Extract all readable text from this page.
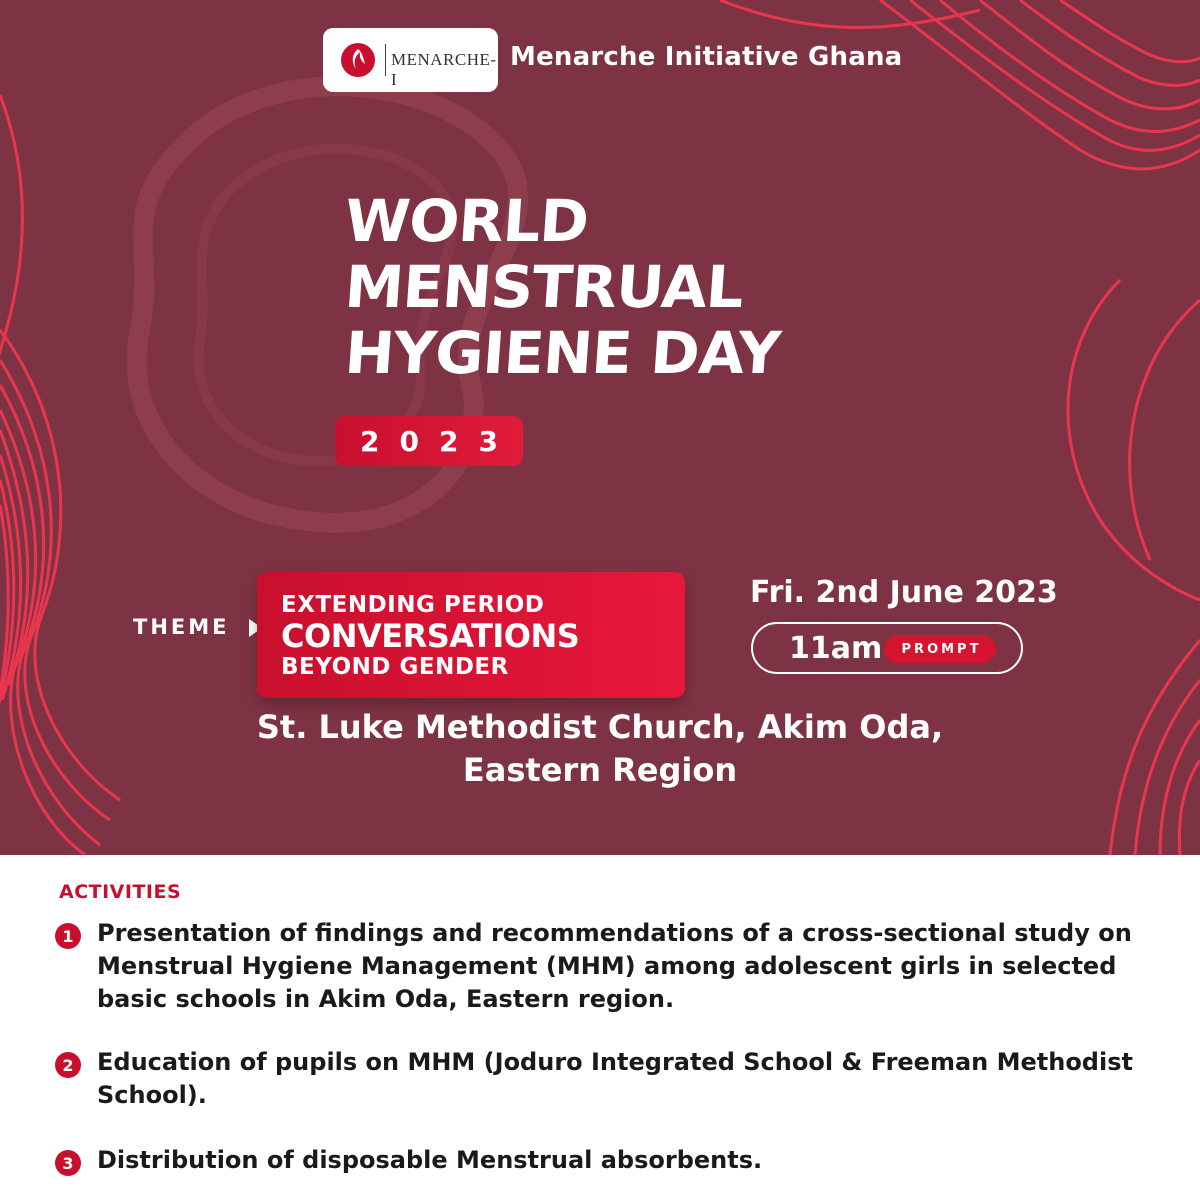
MENARCHE-I
Menarche Initiative Ghana
WORLD
MENSTRUAL
HYGIENE DAY
2023
THEME
EXTENDING PERIOD
CONVERSATIONS
BEYOND GENDER
Fri. 2nd June 2023
11am PROMPT
St. Luke Methodist Church, Akim Oda,
Eastern Region
ACTIVITIES
1 Presentation of findings and recommendations of a cross-sectional study on Menstrual Hygiene Management (MHM) among adolescent girls in selected basic schools in Akim Oda, Eastern region.
2 Education of pupils on MHM (Joduro Integrated School & Freeman Methodist School).
3 Distribution of disposable Menstrual absorbents.
